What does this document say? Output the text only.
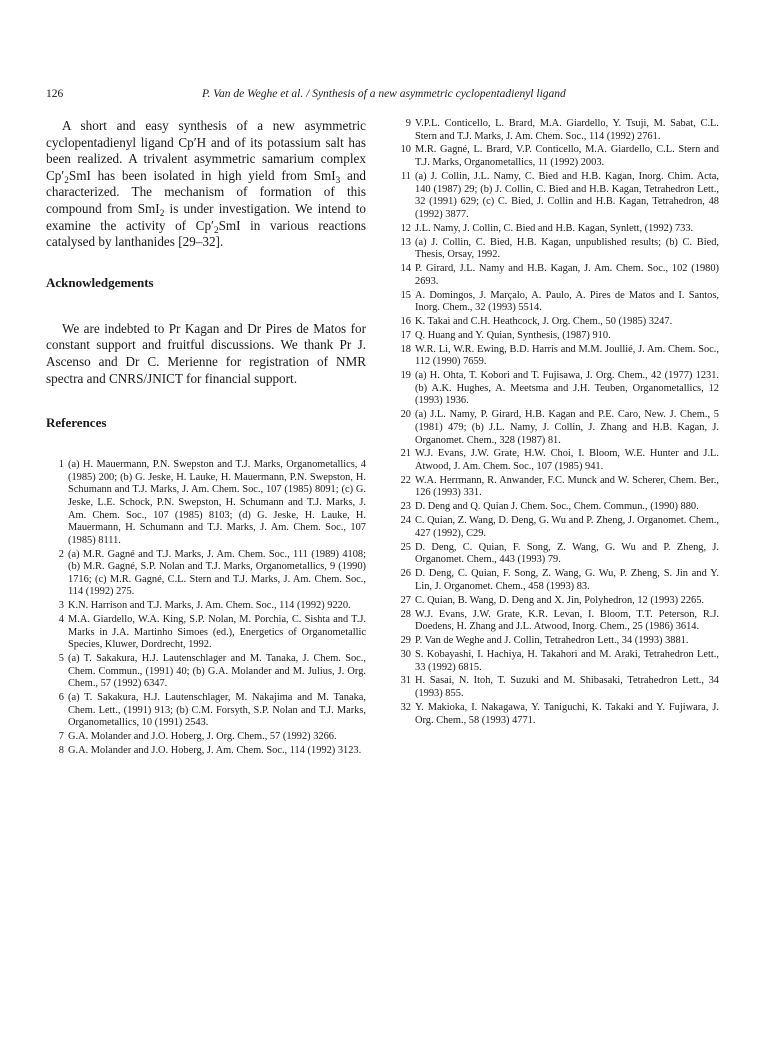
126	P. Van de Weghe et al. / Synthesis of a new asymmetric cyclopentadienyl ligand

A short and easy synthesis of a new asymmetric cyclopentadienyl ligand Cp′H and of its potassium salt has been realized. A trivalent asymmetric samarium complex $Cp'_2SmI$ has been isolated in high yield from SmI$_3$ and characterized. The mechanism of formation of this compound from SmI$_2$ is under investigation. We intend to examine the activity of $Cp'_2SmI$ in various reactions catalysed by lanthanides [29–32].

Acknowledgements

We are indebted to Pr Kagan and Dr Pires de Matos for constant support and fruitful discussions. We thank Pr J. Ascenso and Dr C. Merienne for registration of NMR spectra and CNRS/JNICT for financial support.

References
1 (a) H. Mauermann, P.N. Swepston and T.J. Marks, Organometallics, 4 (1985) 200; (b) G. Jeske, H. Lauke, H. Mauermann, P.N. Swepston, H. Schumann and T.J. Marks, J. Am. Chem. Soc., 107 (1985) 8091; (c) G. Jeske, L.E. Schock, P.N. Swepston, H. Schumann and T.J. Marks, J. Am. Chem. Soc., 107 (1985) 8103; (d) G. Jeske, H. Lauke, H. Mauermann, H. Schumann and T.J. Marks, J. Am. Chem. Soc., 107 (1985) 8111.
2 (a) M.R. Gagné and T.J. Marks, J. Am. Chem. Soc., 111 (1989) 4108; (b) M.R. Gagné, S.P. Nolan and T.J. Marks, Organometallics, 9 (1990) 1716; (c) M.R. Gagné, C.L. Stern and T.J. Marks, J. Am. Chem. Soc., 114 (1992) 275.
3 K.N. Harrison and T.J. Marks, J. Am. Chem. Soc., 114 (1992) 9220.
4 M.A. Giardello, W.A. King, S.P. Nolan, M. Porchia, C. Sishta and T.J. Marks in J.A. Martinho Simoes (ed.), Energetics of Organometallic Species, Kluwer, Dordrecht, 1992.
5 (a) T. Sakakura, H.J. Lautenschlager and M. Tanaka, J. Chem. Soc., Chem. Commun., (1991) 40; (b) G.A. Molander and M. Julius, J. Org. Chem., 57 (1992) 6347.
6 (a) T. Sakakura, H.J. Lautenschlager, M. Nakajima and M. Tanaka, Chem. Lett., (1991) 913; (b) C.M. Forsyth, S.P. Nolan and T.J. Marks, Organometallics, 10 (1991) 2543.
7 G.A. Molander and J.O. Hoberg, J. Org. Chem., 57 (1992) 3266.
8 G.A. Molander and J.O. Hoberg, J. Am. Chem. Soc., 114 (1992) 3123.
9 V.P.L. Conticello, L. Brard, M.A. Giardello, Y. Tsuji, M. Sabat, C.L. Stern and T.J. Marks, J. Am. Chem. Soc., 114 (1992) 2761.
10 M.R. Gagné, L. Brard, V.P. Conticello, M.A. Giardello, C.L. Stern and T.J. Marks, Organometallics, 11 (1992) 2003.
11 (a) J. Collin, J.L. Namy, C. Bied and H.B. Kagan, Inorg. Chim. Acta, 140 (1987) 29; (b) J. Collin, C. Bied and H.B. Kagan, Tetrahedron Lett., 32 (1991) 629; (c) C. Bied, J. Collin and H.B. Kagan, Tetrahedron, 48 (1992) 3877.
12 J.L. Namy, J. Collin, C. Bied and H.B. Kagan, Synlett, (1992) 733.
13 (a) J. Collin, C. Bied, H.B. Kagan, unpublished results; (b) C. Bied, Thesis, Orsay, 1992.
14 P. Girard, J.L. Namy and H.B. Kagan, J. Am. Chem. Soc., 102 (1980) 2693.
15 A. Domingos, J. Marçalo, A. Paulo, A. Pires de Matos and I. Santos, Inorg. Chem., 32 (1993) 5514.
16 K. Takai and C.H. Heathcock, J. Org. Chem., 50 (1985) 3247.
17 Q. Huang and Y. Quian, Synthesis, (1987) 910.
18 W.R. Li, W.R. Ewing, B.D. Harris and M.M. Joullié, J. Am. Chem. Soc., 112 (1990) 7659.
19 (a) H. Ohta, T. Kobori and T. Fujisawa, J. Org. Chem., 42 (1977) 1231. (b) A.K. Hughes, A. Meetsma and J.H. Teuben, Organometallics, 12 (1993) 1936.
20 (a) J.L. Namy, P. Girard, H.B. Kagan and P.E. Caro, New. J. Chem., 5 (1981) 479; (b) J.L. Namy, J. Collin, J. Zhang and H.B. Kagan, J. Organomet. Chem., 328 (1987) 81.
21 W.J. Evans, J.W. Grate, H.W. Choi, I. Bloom, W.E. Hunter and J.L. Atwood, J. Am. Chem. Soc., 107 (1985) 941.
22 W.A. Herrmann, R. Anwander, F.C. Munck and W. Scherer, Chem. Ber., 126 (1993) 331.
23 D. Deng and Q. Quian J. Chem. Soc., Chem. Commun., (1990) 880.
24 C. Quian, Z. Wang, D. Deng, G. Wu and P. Zheng, J. Organomet. Chem., 427 (1992), C29.
25 D. Deng, C. Quian, F. Song, Z. Wang, G. Wu and P. Zheng, J. Organomet. Chem., 443 (1993) 79.
26 D. Deng, C. Quian, F. Song, Z. Wang, G. Wu, P. Zheng, S. Jin and Y. Lin, J. Organomet. Chem., 458 (1993) 83.
27 C. Quian, B. Wang, D. Deng and X. Jin, Polyhedron, 12 (1993) 2265.
28 W.J. Evans, J.W. Grate, K.R. Levan, I. Bloom, T.T. Peterson, R.J. Doedens, H. Zhang and J.L. Atwood, Inorg. Chem., 25 (1986) 3614.
29 P. Van de Weghe and J. Collin, Tetrahedron Lett., 34 (1993) 3881.
30 S. Kobayashi, I. Hachiya, H. Takahori and M. Araki, Tetrahedron Lett., 33 (1992) 6815.
31 H. Sasai, N. Itoh, T. Suzuki and M. Shibasaki, Tetrahedron Lett., 34 (1993) 855.
32 Y. Makioka, I. Nakagawa, Y. Taniguchi, K. Takaki and Y. Fujiwara, J. Org. Chem., 58 (1993) 4771.
